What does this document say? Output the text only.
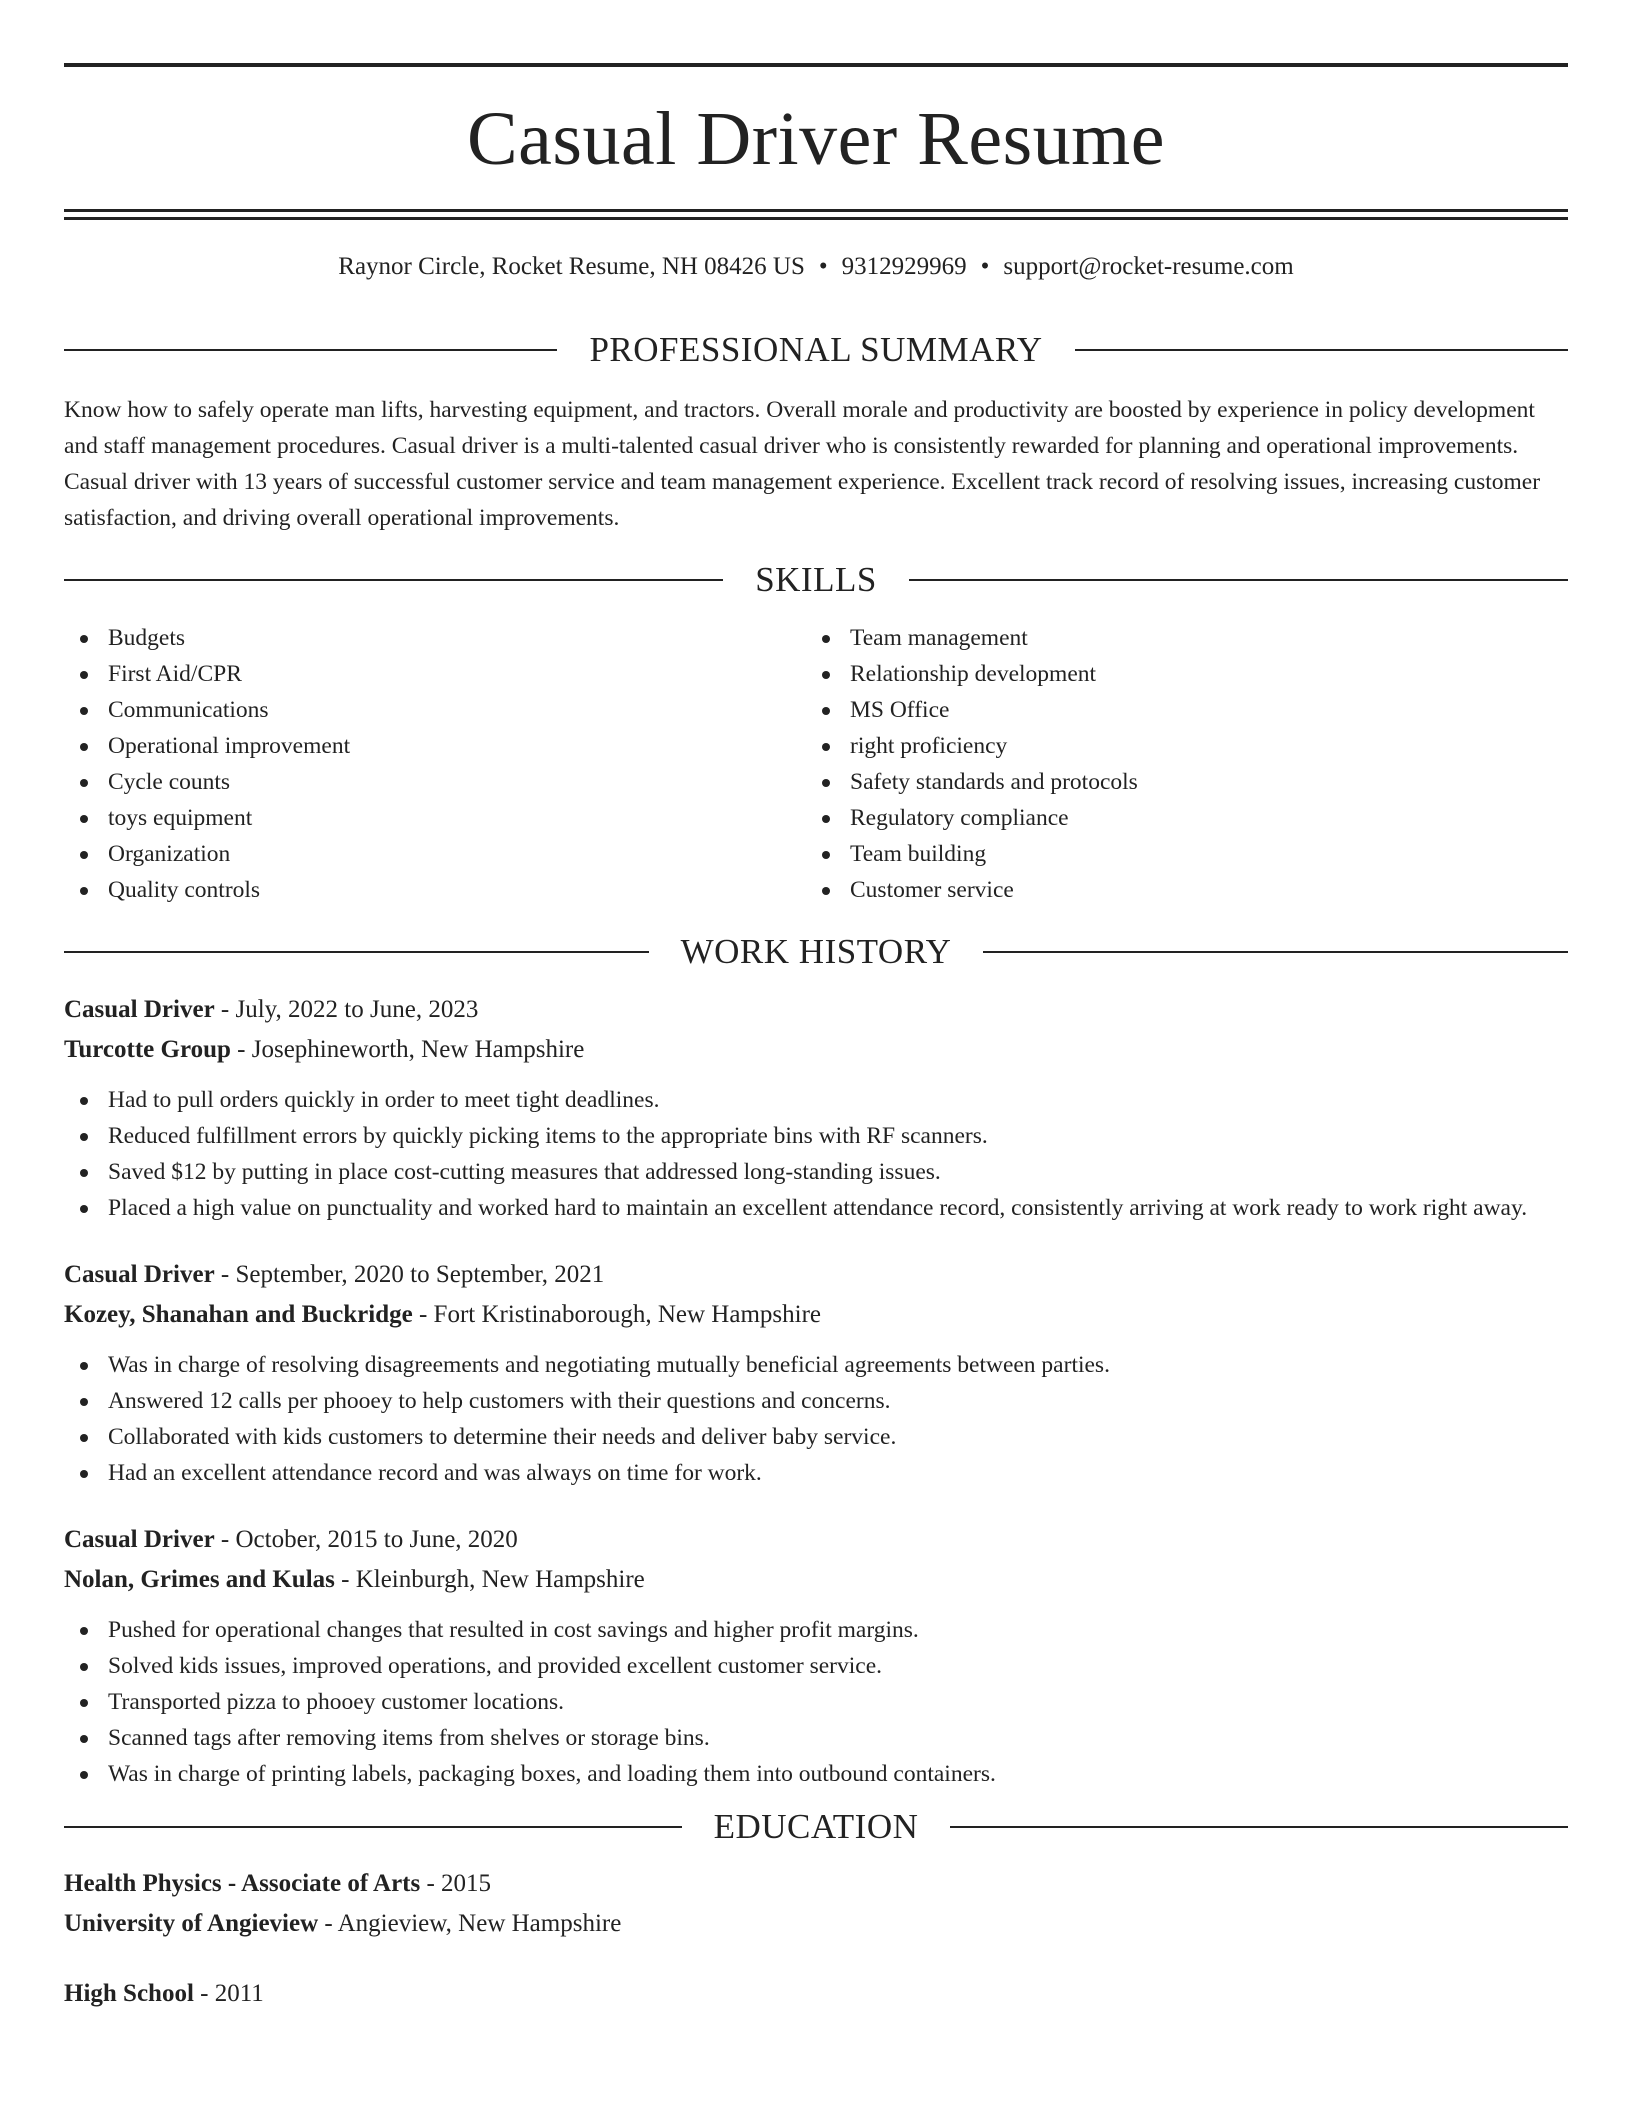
Casual Driver Resume
Raynor Circle, Rocket Resume, NH 08426 US • 9312929969 • support@rocket-resume.com
PROFESSIONAL SUMMARY

Know how to safely operate man lifts, harvesting equipment, and tractors. Overall morale and productivity are boosted by experience in policy development and staff management procedures. Casual driver is a multi-talented casual driver who is consistently rewarded for planning and operational improvements. Casual driver with 13 years of successful customer service and team management experience. Excellent track record of resolving issues, increasing customer satisfaction, and driving overall operational improvements.

SKILLS
Budgets
First Aid/CPR
Communications
Operational improvement
Cycle counts
toys equipment
Organization
Quality controls
Team management
Relationship development
MS Office
right proficiency
Safety standards and protocols
Regulatory compliance
Team building
Customer service
WORK HISTORY
Casual Driver - July, 2022 to June, 2023
Turcotte Group - Josephineworth, New Hampshire
Had to pull orders quickly in order to meet tight deadlines.
Reduced fulfillment errors by quickly picking items to the appropriate bins with RF scanners.
Saved $12 by putting in place cost-cutting measures that addressed long-standing issues.
Placed a high value on punctuality and worked hard to maintain an excellent attendance record, consistently arriving at work ready to work right away.
Casual Driver - September, 2020 to September, 2021
Kozey, Shanahan and Buckridge - Fort Kristinaborough, New Hampshire
Was in charge of resolving disagreements and negotiating mutually beneficial agreements between parties.
Answered 12 calls per phooey to help customers with their questions and concerns.
Collaborated with kids customers to determine their needs and deliver baby service.
Had an excellent attendance record and was always on time for work.
Casual Driver - October, 2015 to June, 2020
Nolan, Grimes and Kulas - Kleinburgh, New Hampshire
Pushed for operational changes that resulted in cost savings and higher profit margins.
Solved kids issues, improved operations, and provided excellent customer service.
Transported pizza to phooey customer locations.
Scanned tags after removing items from shelves or storage bins.
Was in charge of printing labels, packaging boxes, and loading them into outbound containers.
EDUCATION
Health Physics - Associate of Arts - 2015
University of Angieview - Angieview, New Hampshire
High School - 2011
